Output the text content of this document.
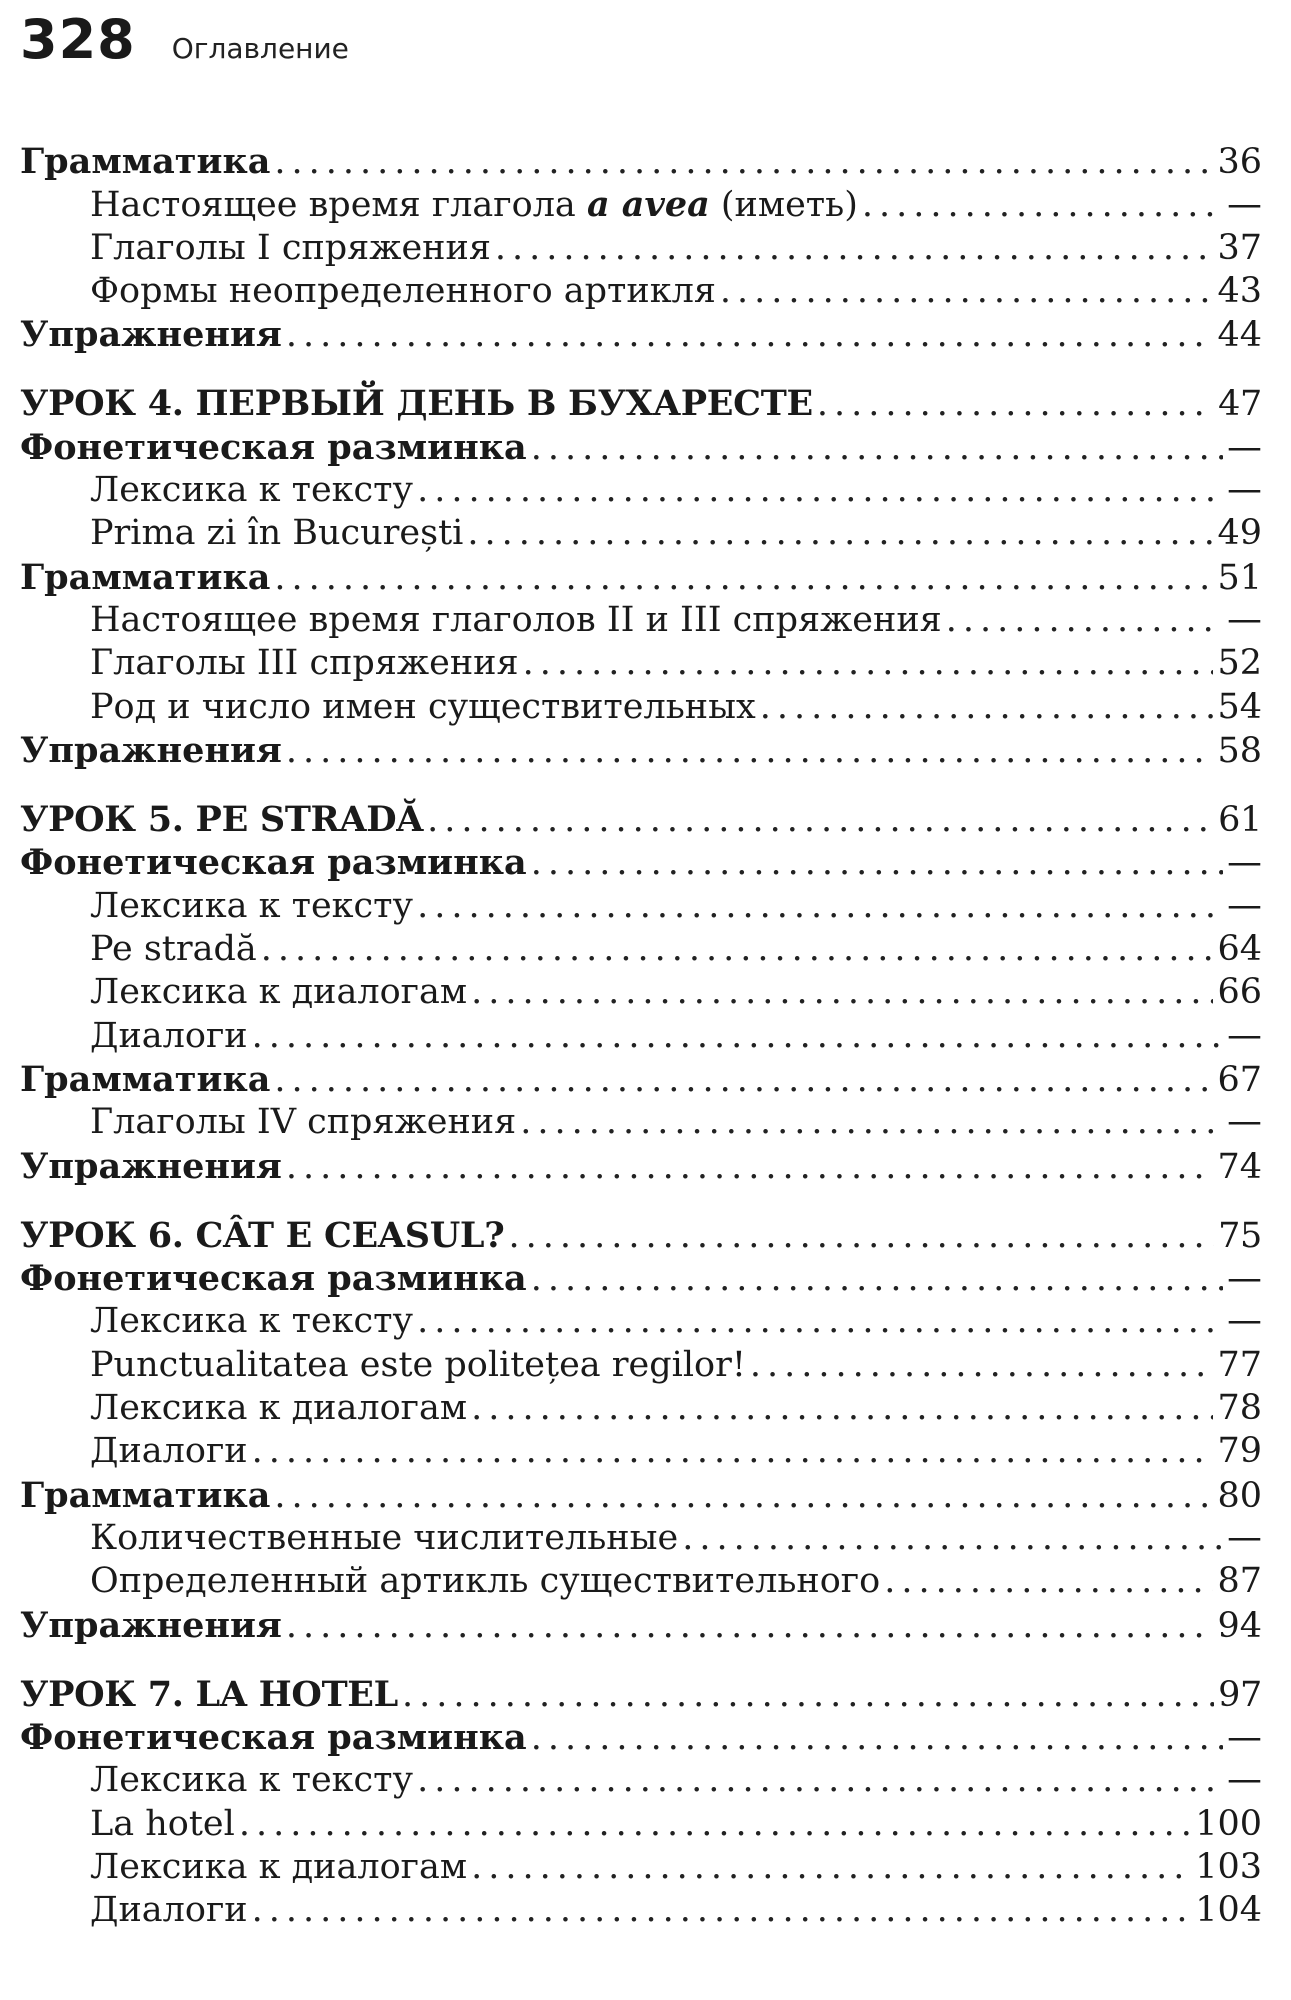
328 Оглавление
Грамматика .....	36
Настоящее время глагола a avea (иметь) .....	—
Глаголы I спряжения .....	37
Формы неопределенного артикля .....	43
Упражнения .....	44
УРОК 4. ПЕРВЫЙ ДЕНЬ В БУХАРЕСТЕ .....	47
Фонетическая разминка .....	—
Лексика к тексту .....	—
Prima zi în București .....	49
Грамматика .....	51
Настоящее время глаголов II и III спряжения .....	—
Глаголы III спряжения .....	52
Род и число имен существительных .....	54
Упражнения .....	58
УРОК 5. PE STRADĂ .....	61
Фонетическая разминка .....	—
Лексика к тексту .....	—
Pe stradă .....	64
Лексика к диалогам .....	66
Диалоги .....	—
Грамматика .....	67
Глаголы IV спряжения .....	—
Упражнения .....	74
УРОК 6. CÂT E CEASUL? .....	75
Фонетическая разминка .....	—
Лексика к тексту .....	—
Punctualitatea este politețea regilor! .....	77
Лексика к диалогам .....	78
Диалоги .....	79
Грамматика .....	80
Количественные числительные .....	—
Определенный артикль существительного .....	87
Упражнения .....	94
УРОК 7. LA HOTEL .....	97
Фонетическая разминка .....	—
Лексика к тексту .....	—
La hotel .....	100
Лексика к диалогам .....	103
Диалоги .....	104
